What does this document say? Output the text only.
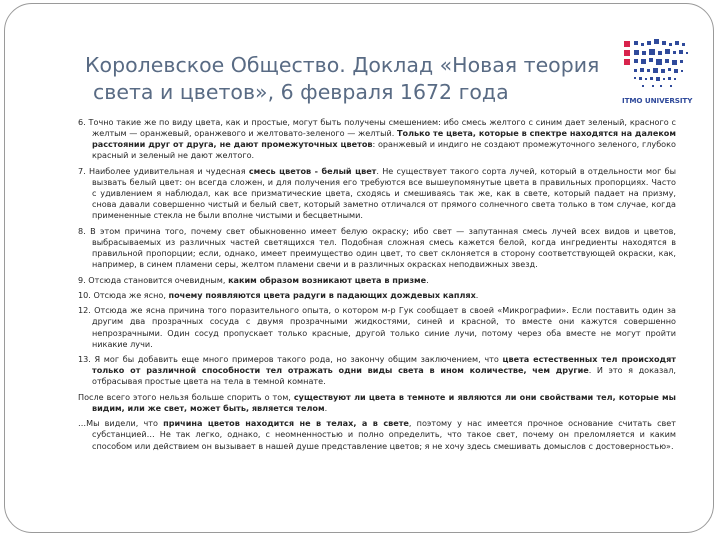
Королевское Общество. Доклад «Новая теория
света и цветов», 6 февраля 1672 года	ITMO UNIVERSITY

6. Точно такие же по виду цвета, как и простые, могут быть получены смешением: ибо смесь желтого с синим дает зеленый, красного с желтым — оранжевый, оранжевого и желтовато-зеленого — желтый. Только те цвета, которые в спектре находятся на далеком расстоянии друг от друга, не дают промежуточных цветов: оранжевый и индиго не создают промежуточного зеленого, глубоко красный и зеленый не дают желтого.

7. Наиболее удивительная и чудесная смесь цветов - белый цвет. Не существует такого сорта лучей, который в отдельности мог бы вызвать белый цвет: он всегда сложен, и для получения его требуются все вышеупомянутые цвета в правильных пропорциях. Часто с удивлением я наблюдал, как все призматические цвета, сходясь и смешиваясь так же, как в свете, который падает на призму, снова давали совершенно чистый и белый свет, который заметно отличался от прямого солнечного света только в том случае, когда примененные стекла не были вполне чистыми и бесцветными.

8. В этом причина того, почему свет обыкновенно имеет белую окраску; ибо свет — запутанная смесь лучей всех видов и цветов, выбрасываемых из различных частей светящихся тел. Подобная сложная смесь кажется белой, когда ингредиенты находятся в правильной пропорции; если, однако, имеет преимущество один цвет, то свет склоняется в сторону соответствующей окраски, как, например, в синем пламени серы, желтом пламени свечи и в различных окрасках неподвижных звезд.

9. Отсюда становится очевидным, каким образом возникают цвета в призме.

10. Отсюда же ясно, почему появляются цвета радуги в падающих дождевых каплях.

12. Отсюда же ясна причина того поразительного опыта, о котором м-р Гук сообщает в своей «Микрографии». Если поставить один за другим два прозрачных сосуда с двумя прозрачными жидкостями, синей и красной, то вместе они кажутся совершенно непрозрачными. Один сосуд пропускает только красные, другой только синие лучи, потому через оба вместе не могут пройти никакие лучи.

13. Я мог бы добавить еще много примеров такого рода, но закончу общим заключением, что цвета естественных тел происходят только от различной способности тел отражать одни виды света в ином количестве, чем другие. И это я доказал, отбрасывая простые цвета на тела в темной комнате.

После всего этого нельзя больше спорить о том, существуют ли цвета в темноте и являются ли они свойствами тел, которые мы видим, или же свет, может быть, является телом.

…Мы видели, что причина цветов находится не в телах, а в свете, поэтому у нас имеется прочное основание считать свет субстанцией… Не так легко, однако, с неомненностью и полно определить, что такое свет, почему он преломляется и каким способом или действием он вызывает в нашей душе представление цветов; я не хочу здесь смешивать домыслов с достоверностью».
